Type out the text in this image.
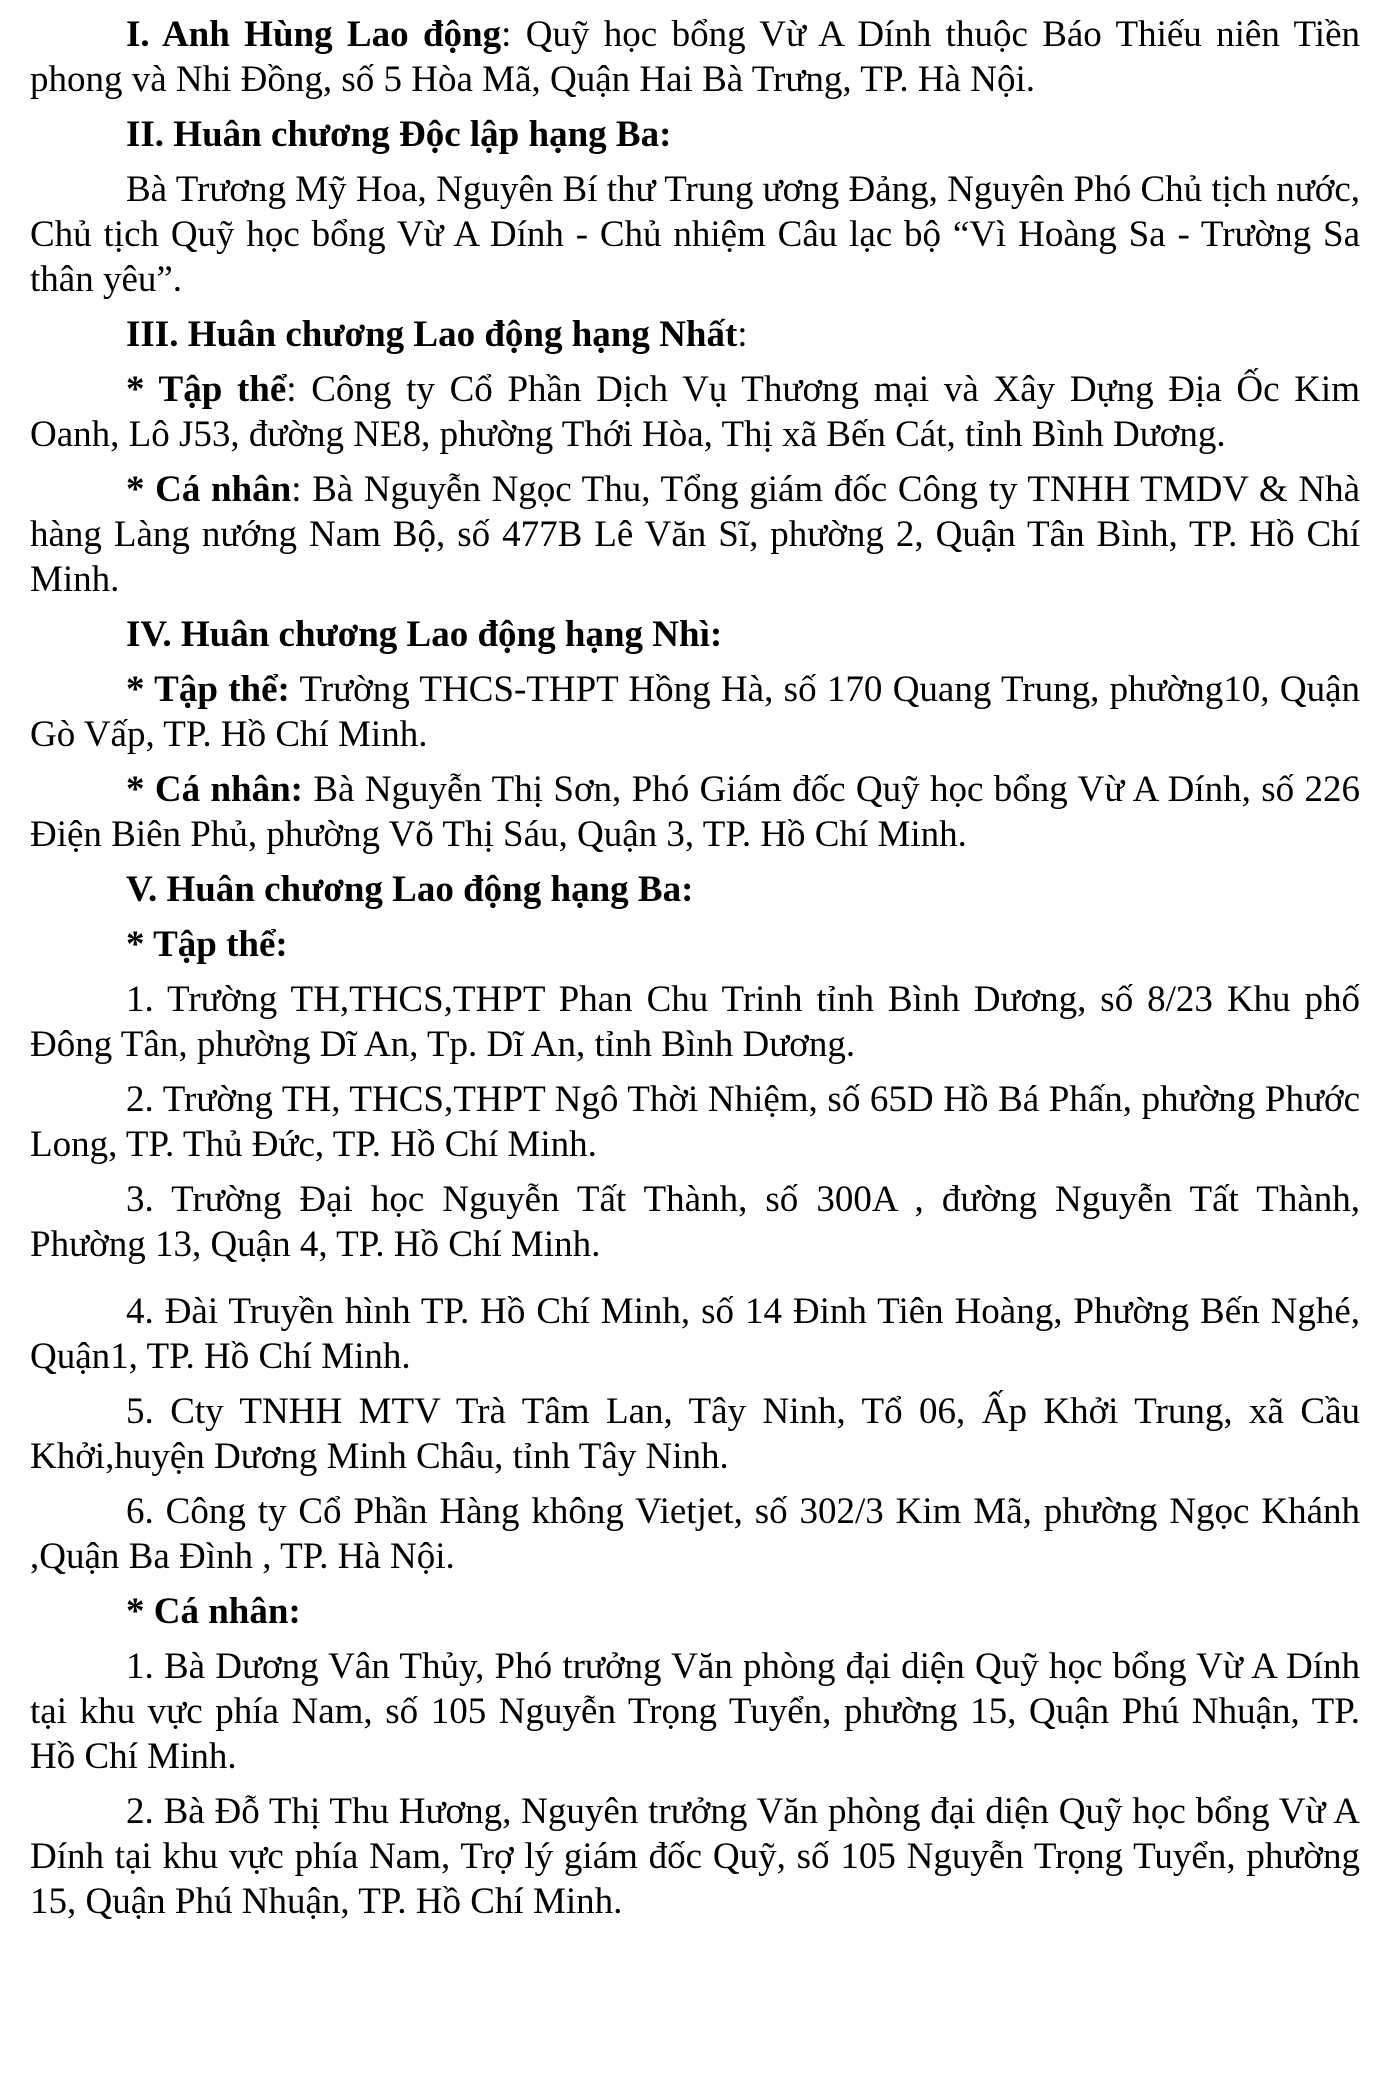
I. Anh Hùng Lao động: Quỹ học bổng Vừ A Dính thuộc Báo Thiếu niên Tiền phong và Nhi Đồng, số 5 Hòa Mã, Quận Hai Bà Trưng, TP. Hà Nội.

II. Huân chương Độc lập hạng Ba:

Bà Trương Mỹ Hoa, Nguyên Bí thư Trung ương Đảng, Nguyên Phó Chủ tịch nước, Chủ tịch Quỹ học bổng Vừ A Dính - Chủ nhiệm Câu lạc bộ “Vì Hoàng Sa - Trường Sa thân yêu”.

III. Huân chương Lao động hạng Nhất:

* Tập thể: Công ty Cổ Phần Dịch Vụ Thương mại và Xây Dựng Địa Ốc Kim Oanh, Lô J53, đường NE8, phường Thới Hòa, Thị xã Bến Cát, tỉnh Bình Dương.

* Cá nhân: Bà Nguyễn Ngọc Thu, Tổng giám đốc Công ty TNHH TMDV & Nhà hàng Làng nướng Nam Bộ, số 477B Lê Văn Sĩ, phường 2, Quận Tân Bình, TP. Hồ Chí Minh.

IV. Huân chương Lao động hạng Nhì:

* Tập thể: Trường THCS-THPT Hồng Hà, số 170 Quang Trung, phường10, Quận Gò Vấp, TP. Hồ Chí Minh.

* Cá nhân: Bà Nguyễn Thị Sơn, Phó Giám đốc Quỹ học bổng Vừ A Dính, số 226 Điện Biên Phủ, phường Võ Thị Sáu, Quận 3, TP. Hồ Chí Minh.

V. Huân chương Lao động hạng Ba:

* Tập thể:

1. Trường TH,THCS,THPT Phan Chu Trinh tỉnh Bình Dương, số 8/23 Khu phố Đông Tân, phường Dĩ An, Tp. Dĩ An, tỉnh Bình Dương.

2. Trường TH, THCS,THPT Ngô Thời Nhiệm, số 65D Hồ Bá Phấn, phường Phước Long, TP. Thủ Đức, TP. Hồ Chí Minh.

3. Trường Đại học Nguyễn Tất Thành, số 300A , đường Nguyễn Tất Thành, Phường 13, Quận 4, TP. Hồ Chí Minh.

4. Đài Truyền hình TP. Hồ Chí Minh, số 14 Đinh Tiên Hoàng, Phường Bến Nghé, Quận1, TP. Hồ Chí Minh.

5. Cty TNHH MTV Trà Tâm Lan, Tây Ninh, Tổ 06, Ấp Khởi Trung, xã Cầu Khởi,huyện Dương Minh Châu, tỉnh Tây Ninh.

6. Công ty Cổ Phần Hàng không Vietjet, số 302/3 Kim Mã, phường Ngọc Khánh ,Quận Ba Đình , TP. Hà Nội.

* Cá nhân:

1. Bà Dương Vân Thủy, Phó trưởng Văn phòng đại diện Quỹ học bổng Vừ A Dính tại khu vực phía Nam, số 105 Nguyễn Trọng Tuyển, phường 15, Quận Phú Nhuận, TP. Hồ Chí Minh.

2. Bà Đỗ Thị Thu Hương, Nguyên trưởng Văn phòng đại diện Quỹ học bổng Vừ A Dính tại khu vực phía Nam, Trợ lý giám đốc Quỹ, số 105 Nguyễn Trọng Tuyển, phường 15, Quận Phú Nhuận, TP. Hồ Chí Minh.
